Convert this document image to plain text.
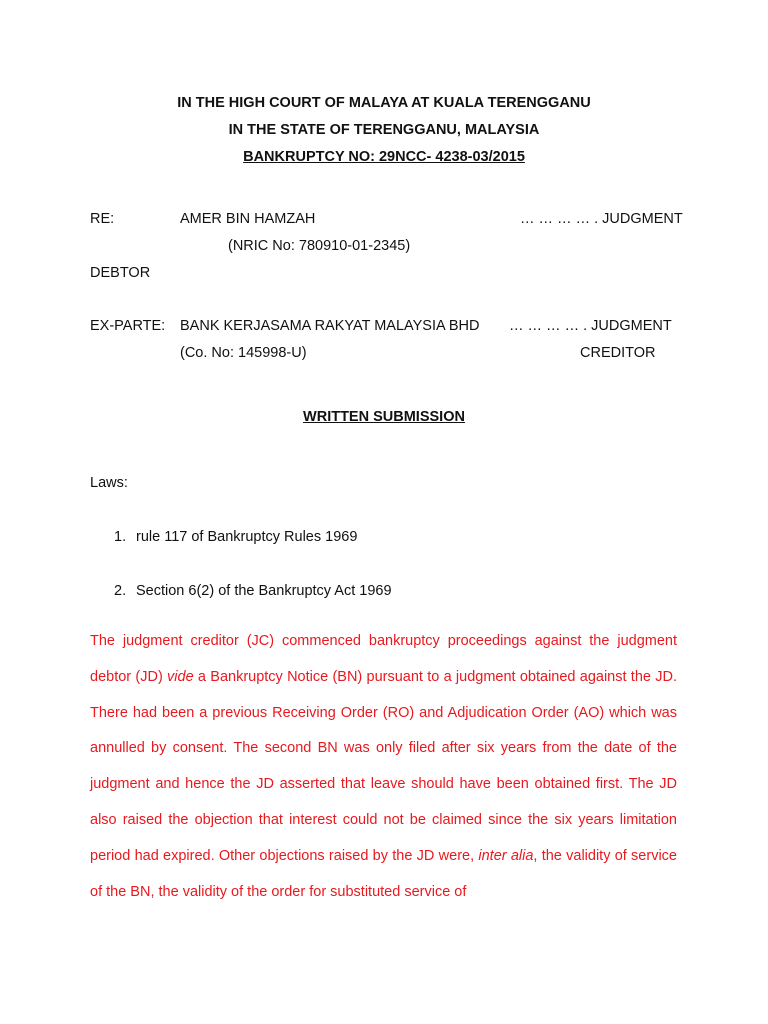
IN THE HIGH COURT OF MALAYA AT KUALA TERENGGANU
IN THE STATE OF TERENGGANU, MALAYSIA
BANKRUPTCY NO: 29NCC- 4238-03/2015
RE:	AMER BIN HAMZAH	… … … … . JUDGMENT
(NRIC No: 780910-01-2345)
DEBTOR
EX-PARTE: BANK KERJASAMA RAKYAT MALAYSIA BHD … … … … . JUDGMENT
(Co. No: 145998-U)	CREDITOR
WRITTEN SUBMISSION
Laws:
1. rule 117 of Bankruptcy Rules 1969
2. Section 6(2) of the Bankruptcy Act 1969
The judgment creditor (JC) commenced bankruptcy proceedings against the judgment debtor (JD) vide a Bankruptcy Notice (BN) pursuant to a judgment obtained against the JD. There had been a previous Receiving Order (RO) and Adjudication Order (AO) which was annulled by consent. The second BN was only filed after six years from the date of the judgment and hence the JD asserted that leave should have been obtained first. The JD also raised the objection that interest could not be claimed since the six years limitation period had expired. Other objections raised by the JD were, inter alia, the validity of service of the BN, the validity of the order for substituted service of
